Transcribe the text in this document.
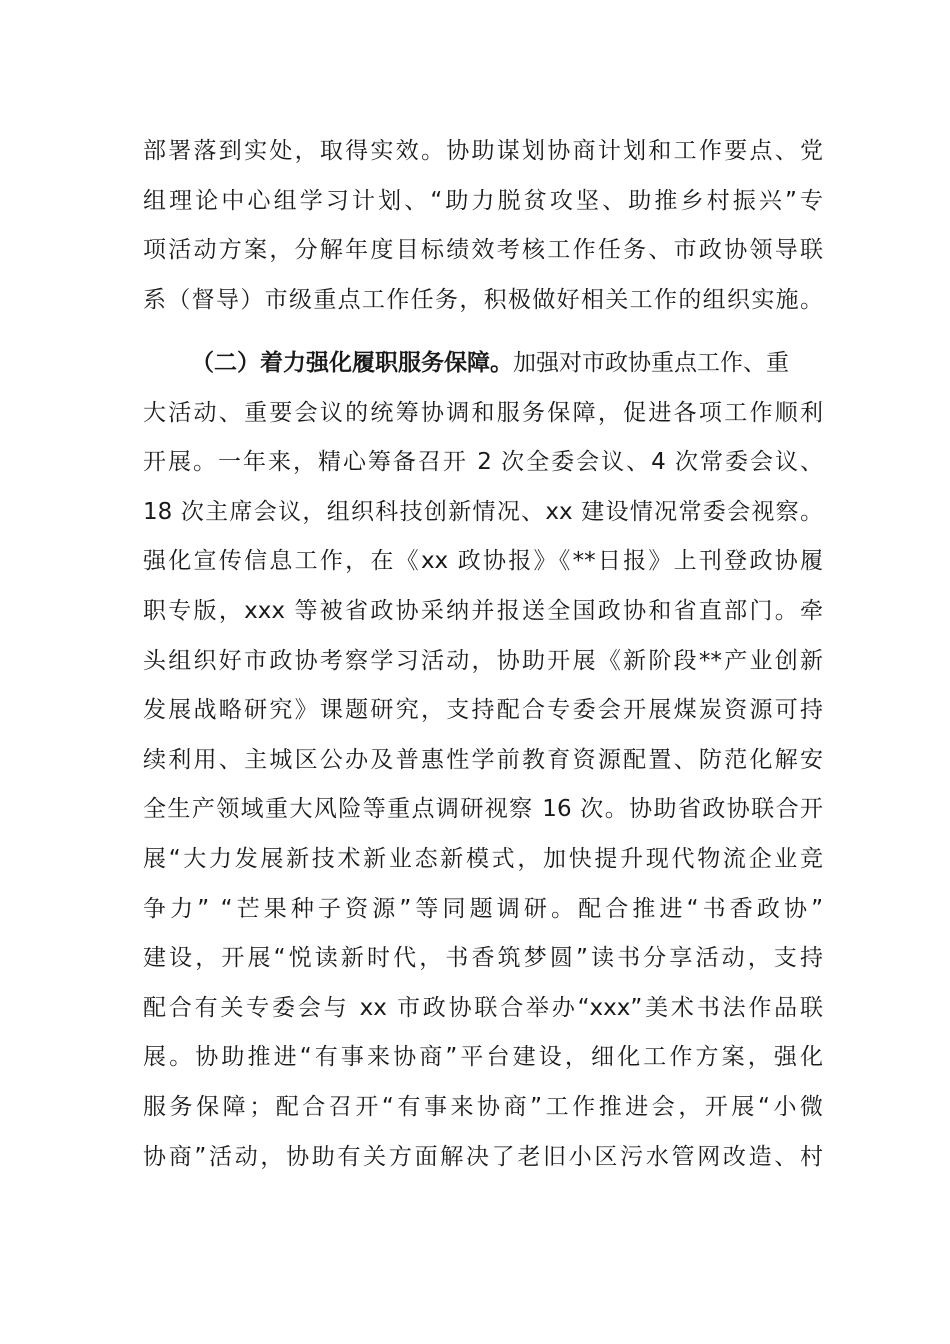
部署落到实处，取得实效。协助谋划协商计划和工作要点、党
组理论中心组学习计划、“助力脱贫攻坚、助推乡村振兴”专
项活动方案，分解年度目标绩效考核工作任务、市政协领导联
系（督导）市级重点工作任务，积极做好相关工作的组织实施。
（二）着力强化履职服务保障。加强对市政协重点工作、重
大活动、重要会议的统筹协调和服务保障，促进各项工作顺利
开展。一年来，精心筹备召开 2 次全委会议、4 次常委会议、
18 次主席会议，组织科技创新情况、xx 建设情况常委会视察。
强化宣传信息工作，在《xx 政协报》《**日报》上刊登政协履
职专版，xxx 等被省政协采纳并报送全国政协和省直部门。牵
头组织好市政协考察学习活动，协助开展《新阶段**产业创新
发展战略研究》课题研究，支持配合专委会开展煤炭资源可持
续利用、主城区公办及普惠性学前教育资源配置、防范化解安
全生产领域重大风险等重点调研视察 16 次。协助省政协联合开
展“大力发展新技术新业态新模式，加快提升现代物流企业竞
争力” “芒果种子资源”等同题调研。配合推进“书香政协”
建设，开展“悦读新时代，书香筑梦圆”读书分享活动，支持
配合有关专委会与 xx 市政协联合举办“xxx”美术书法作品联
展。协助推进“有事来协商”平台建设，细化工作方案，强化
服务保障；配合召开“有事来协商”工作推进会，开展“小微
协商”活动，协助有关方面解决了老旧小区污水管网改造、村
